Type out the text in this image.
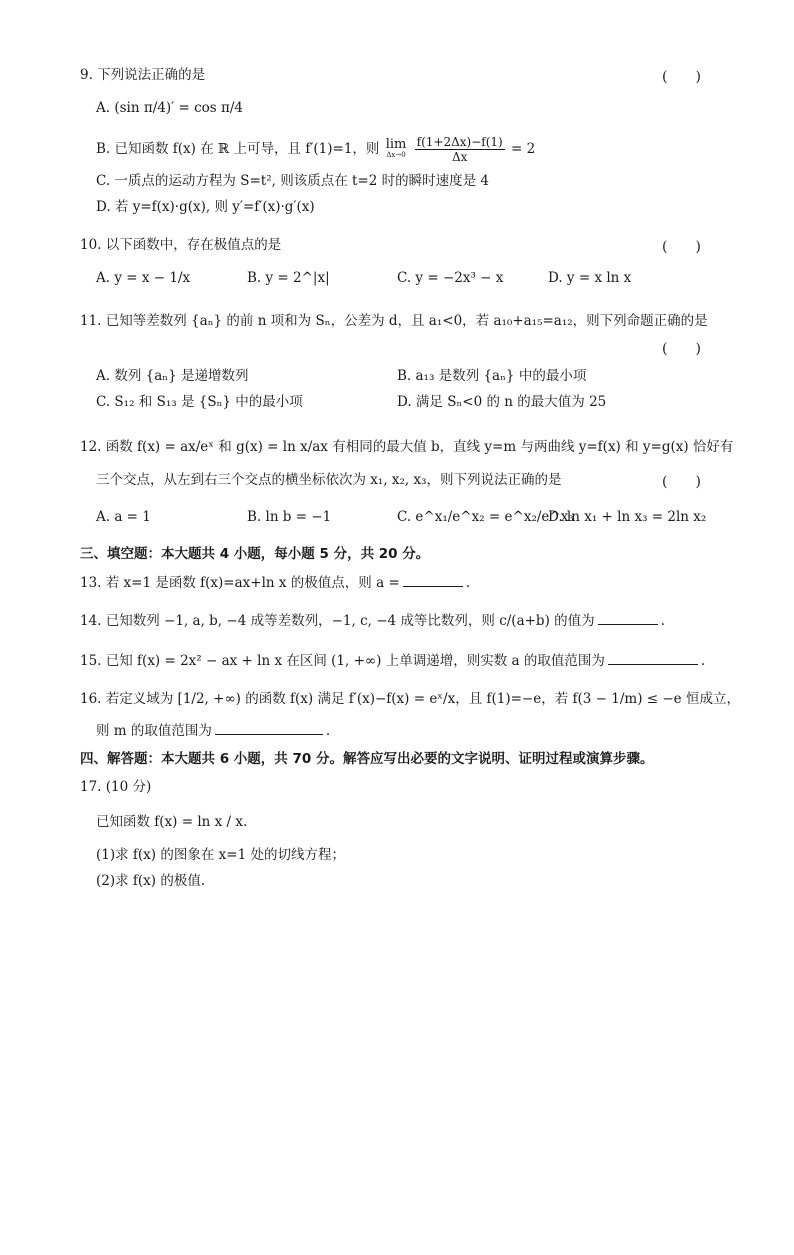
9. 下列说法正确的是	(　　)
A. (sin π/4)′ = cos π/4
B. 已知函数 f(x) 在 ℝ 上可导，且 f′(1)=1，则 lim
Δx→0
$\frac{f(1+2\Delta x)-f(1)}{\Delta x} = 2$
C. 一质点的运动方程为 S=t², 则该质点在 t=2 时的瞬时速度是 4
D. 若 y=f(x)·g(x), 则 y′=f′(x)·g′(x)
10. 以下函数中，存在极值点的是	(　　)
A. y = x − 1/x	B. y = 2^|x|	C. y = −2x³ − x	D. y = x ln x
11. 已知等差数列 {aₙ} 的前 n 项和为 Sₙ，公差为 d，且 a₁<0，若 a₁₀+a₁₅=a₁₂，则下列命题正确的是
(　　)
A. 数列 {aₙ} 是递增数列	B. a₁₃ 是数列 {aₙ} 中的最小项
C. S₁₂ 和 S₁₃ 是 {Sₙ} 中的最小项	D. 满足 Sₙ<0 的 n 的最大值为 25
12. 函数 f(x) = ax/eˣ 和 g(x) = ln x/ax 有相同的最大值 b，直线 y=m 与两曲线 y=f(x) 和 y=g(x) 恰好有
三个交点，从左到右三个交点的横坐标依次为 x₁, x₂, x₃，则下列说法正确的是	(　　)
A. a = 1	B. ln b = −1	C. e^x₁/e^x₂ = e^x₂/e^x₃
D. ln x₁ + ln x₃ = 2ln x₂
三、填空题：本大题共 4 小题，每小题 5 分，共 20 分。
13. 若 x=1 是函数 f(x)=ax+ln x 的极值点，则 a =	.
14. 已知数列 −1, a, b, −4 成等差数列，−1, c, −4 成等比数列，则 c/(a+b) 的值为	.
15. 已知 f(x) = 2x² − ax + ln x 在区间 (1, +∞) 上单调递增，则实数 a 的取值范围为	.
16. 若定义域为 [1/2, +∞) 的函数 f(x) 满足 f′(x)−f(x) = eˣ/x，且 f(1)=−e，若 f(3 − 1/m) ≤ −e 恒成立，
则 m 的取值范围为	.
四、解答题：本大题共 6 小题，共 70 分。解答应写出必要的文字说明、证明过程或演算步骤。
17. (10 分)
已知函数 f(x) = ln x / x.
(1)求 f(x) 的图象在 x=1 处的切线方程；
(2)求 f(x) 的极值.
